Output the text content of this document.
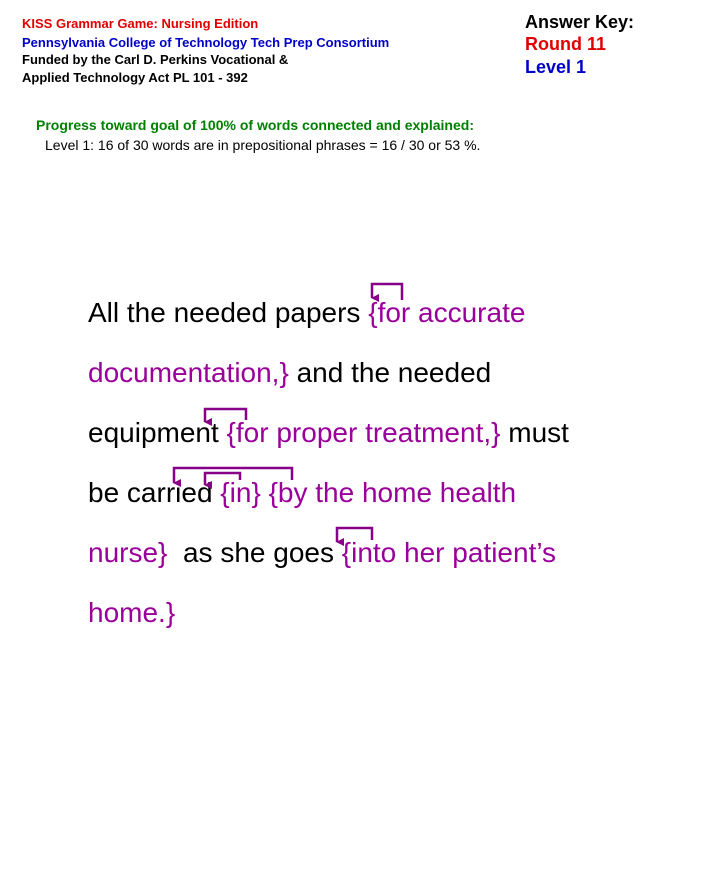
KISS Grammar Game: Nursing Edition
Pennsylvania College of Technology Tech Prep Consortium
Funded by the Carl D. Perkins Vocational &
Applied Technology Act PL 101 - 392
Answer Key:
Round 11
Level 1
Progress toward goal of 100% of words connected and explained:
Level 1: 16 of 30 words are in prepositional phrases = 16 / 30 or 53 %.
All the needed papers {for accurate
documentation,} and the needed
equipment {for proper treatment,} must
be carried {in} {by the home health
nurse}  as she goes {into her patient’s
home.}
